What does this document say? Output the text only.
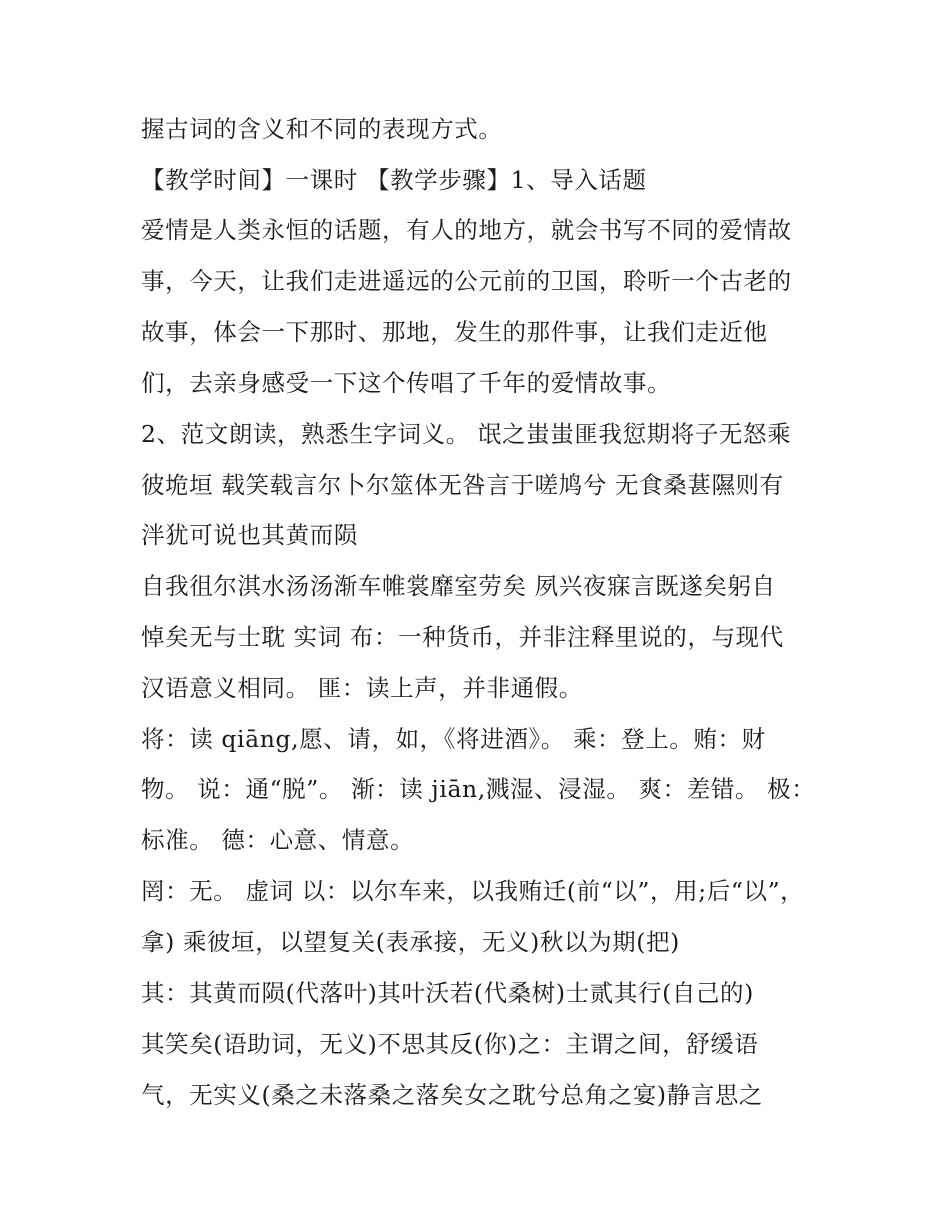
握古词的含义和不同的表现方式。
【教学时间】一课时 【教学步骤】1、导入话题
爱情是人类永恒的话题，有人的地方，就会书写不同的爱情故
事，今天，让我们走进遥远的公元前的卫国，聆听一个古老的
故事，体会一下那时、那地，发生的那件事，让我们走近他
们，去亲身感受一下这个传唱了千年的爱情故事。
2、范文朗读，熟悉生字词义。 氓之蚩蚩匪我愆期将子无怒乘
彼垝垣 载笑载言尔卜尔筮体无咎言于嗟鸠兮 无食桑葚隰则有
泮犹可说也其黄而陨
自我徂尔淇水汤汤渐车帷裳靡室劳矣 夙兴夜寐言既遂矣躬自
悼矣无与士耽 实词 布：一种货币，并非注释里说的，与现代
汉语意义相同。 匪：读上声，并非通假。
将：读 qiāng,愿、请，如，《将进酒》。 乘：登上。贿：财
物。 说：通“脱”。 渐：读 jiān,溅湿、浸湿。 爽：差错。 极：
标准。 德：心意、情意。
罔：无。 虚词 以：以尔车来，以我贿迁(前“以”，用;后“以”，
拿) 乘彼垣，以望复关(表承接，无义)秋以为期(把)
其：其黄而陨(代落叶)其叶沃若(代桑树)士贰其行(自己的)
其笑矣(语助词，无义)不思其反(你)之：主谓之间，舒缓语
气，无实义(桑之未落桑之落矣女之耽兮总角之宴)静言思之
